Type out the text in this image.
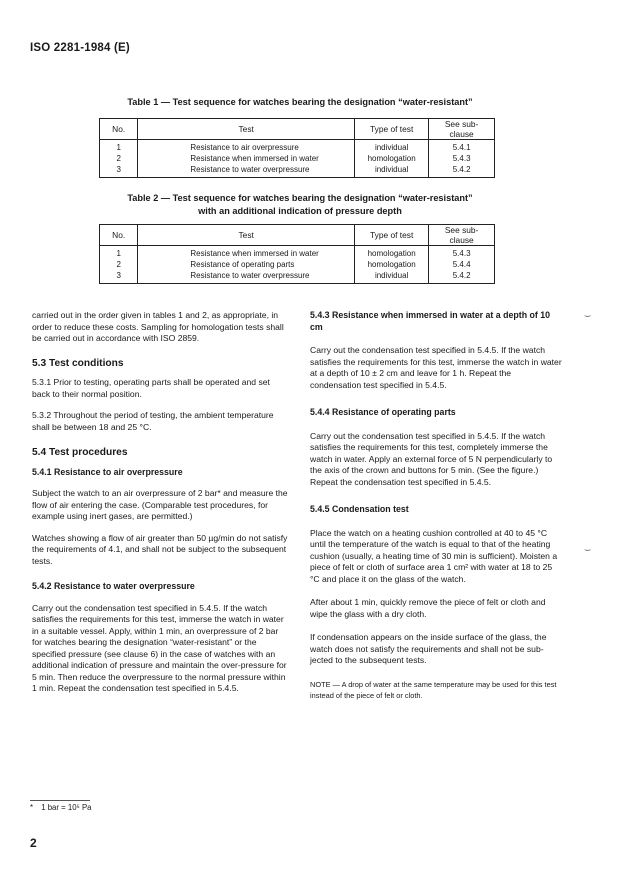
ISO 2281-1984 (E)
Table 1 — Test sequence for watches bearing the designation “water-resistant”
No.	Test	Type of test	See sub-clause
1	Resistance to air overpressure	individual	5.4.1
2	Resistance when immersed in water	homologation	5.4.3
3	Resistance to water overpressure	individual	5.4.2
Table 2 — Test sequence for watches bearing the designation “water-resistant”
with an additional indication of pressure depth
No.	Test	Type of test	See sub-clause
1	Resistance when immersed in water	homologation	5.4.3
2	Resistance of operating parts	homologation	5.4.4
3	Resistance to water overpressure	individual	5.4.2

carried out in the order given in tables 1 and 2, as appropriate, in order to reduce these costs. Sampling for homologation tests shall be carried out in accordance with ISO 2859.

5.3 Test conditions

5.3.1 Prior to testing, operating parts shall be operated and set back to their normal position.

5.3.2 Throughout the period of testing, the ambient temperature shall be between 18 and 25 °C.

5.4 Test procedures

5.4.1 Resistance to air overpressure

Subject the watch to an air overpressure of 2 bar* and measure the flow of air entering the case. (Comparable test procedures, for example using inert gases, are permitted.)

Watches showing a flow of air greater than 50 µg/min do not satisfy the requirements of 4.1, and shall not be subject to the subsequent tests.

5.4.2 Resistance to water overpressure

Carry out the condensation test specified in 5.4.5. If the watch satisfies the requirements for this test, immerse the watch in water in a suitable vessel. Apply, within 1 min, an overpressure of 2 bar for watches bearing the designation “water-resistant” or the specified pressure (see clause 6) in the case of watches with an additional indication of pressure and maintain the over-pressure for 5 min. Then reduce the overpressure to the normal pressure within 1 min. Repeat the condensation test specified in 5.4.5.

5.4.3 Resistance when immersed in water at a depth of 10 cm

Carry out the condensation test specified in 5.4.5. If the watch satisfies the requirements for this test, immerse the watch in water at a depth of 10 ± 2 cm and leave for 1 h. Repeat the condensation test specified in 5.4.5.

5.4.4 Resistance of operating parts

Carry out the condensation test specified in 5.4.5. If the watch satisfies the requirements for this test, completely immerse the watch in water. Apply an external force of 5 N perpendicularly to the axis of the crown and buttons for 5 min. (See the figure.) Repeat the condensation test specified in 5.4.5.

5.4.5 Condensation test

Place the watch on a heating cushion controlled at 40 to 45 °C until the temperature of the watch is equal to that of the heating cushion (usually, a heating time of 30 min is sufficient). Moisten a piece of felt or cloth of surface area 1 cm² with water at 18 to 25 °C and place it on the glass of the watch.

After about 1 min, quickly remove the piece of felt or cloth and wipe the glass with a dry cloth.

If condensation appears on the inside surface of the glass, the watch does not satisfy the requirements and shall not be sub-jected to the subsequent tests.

NOTE — A drop of water at the same temperature may be used for this test instead of the piece of felt or cloth.

⌣
⌣
* 1 bar = 10⁵ Pa
2
